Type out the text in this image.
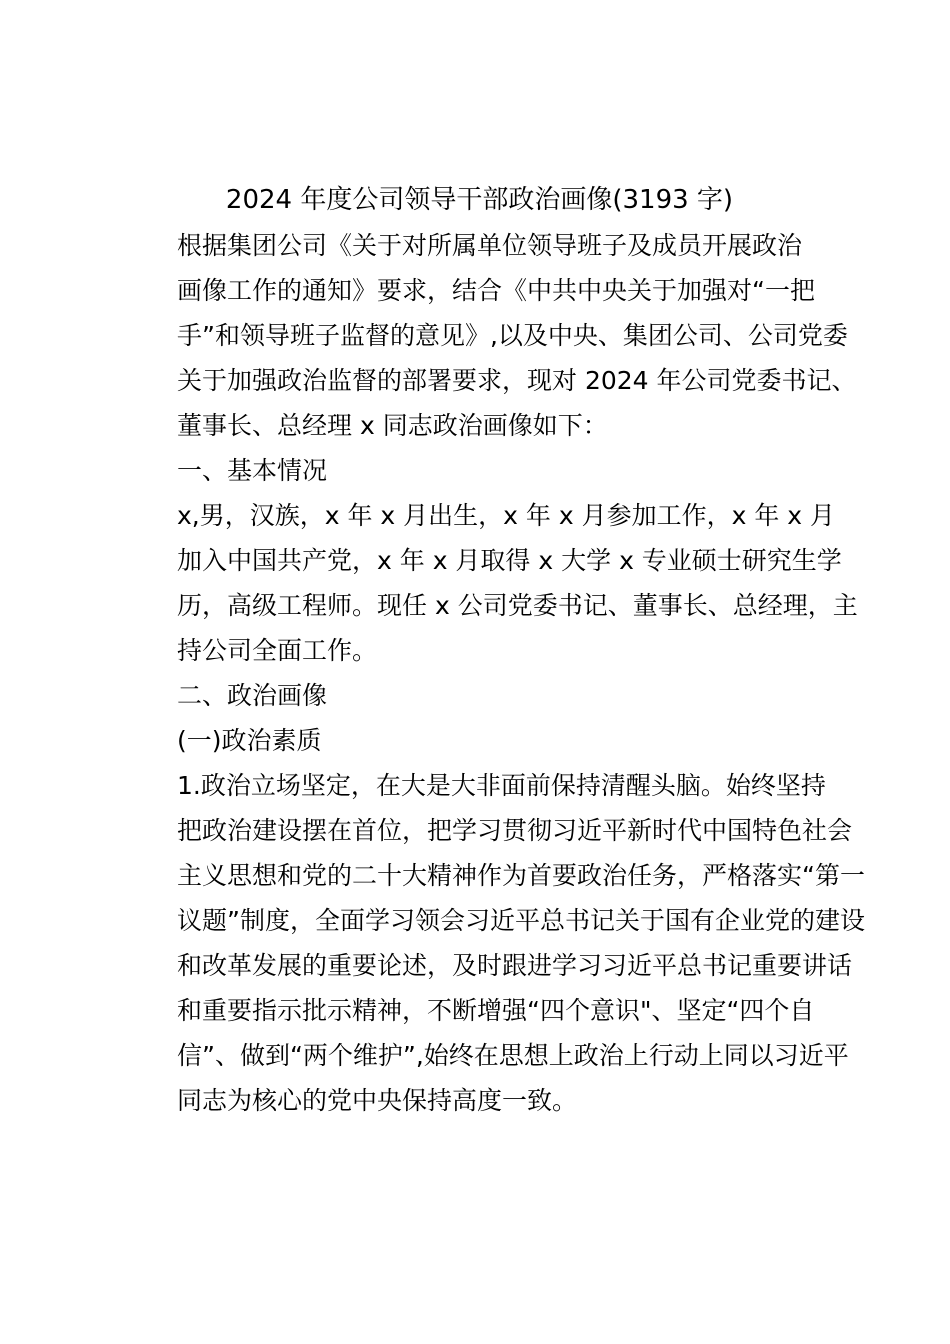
2024 年度公司领导干部政治画像(3193 字)
根据集团公司《关于对所属单位领导班子及成员开展政治
画像工作的通知》要求，结合《中共中央关于加强对“一把
手”和领导班子监督的意见》,以及中央、集团公司、公司党委
关于加强政治监督的部署要求，现对 2024 年公司党委书记、
董事长、总经理 x 同志政治画像如下：
一、基本情况
x,男，汉族，x 年 x 月出生，x 年 x 月参加工作，x 年 x 月
加入中国共产党，x 年 x 月取得 x 大学 x 专业硕士研究生学
历，高级工程师。现任 x 公司党委书记、董事长、总经理，主
持公司全面工作。
二、政治画像
(一)政治素质
1.政治立场坚定，在大是大非面前保持清醒头脑。始终坚持
把政治建设摆在首位，把学习贯彻习近平新时代中国特色社会
主义思想和党的二十大精神作为首要政治任务，严格落实“第一
议题”制度，全面学习领会习近平总书记关于国有企业党的建设
和改革发展的重要论述，及时跟进学习习近平总书记重要讲话
和重要指示批示精神，不断增强“四个意识"、坚定“四个自
信”、做到“两个维护”,始终在思想上政治上行动上同以习近平
同志为核心的党中央保持高度一致。
